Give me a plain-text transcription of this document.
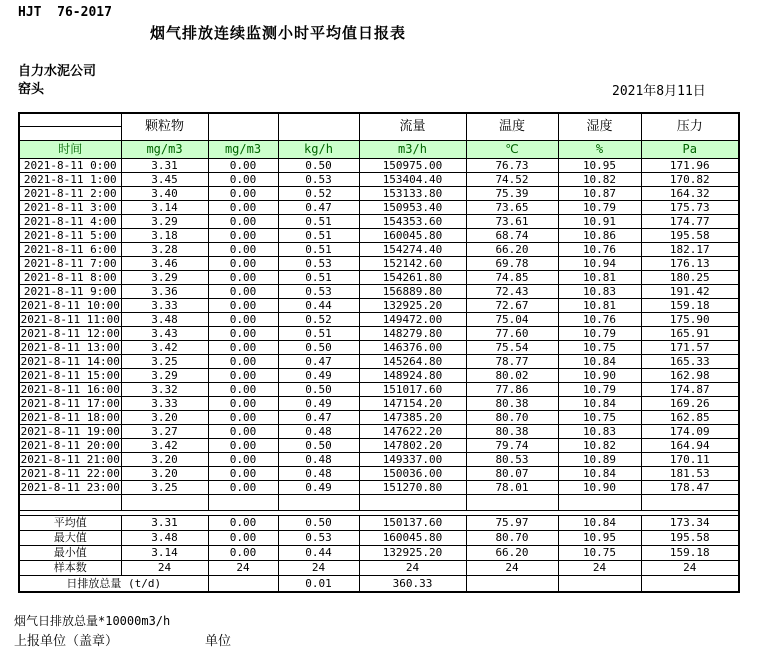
HJT  76-2017
烟气排放连续监测小时平均值日报表
自力水泥公司
窑头	2021年8月11日
	颗粒物			流量	温度	湿度	压力
时间	mg/m3	mg/m3	kg/h	m3/h	℃	%	Pa
2021-8-11 0:00	3.31	0.00	0.50	150975.00	76.73	10.95	171.96
2021-8-11 1:00	3.45	0.00	0.53	153404.40	74.52	10.82	170.82
2021-8-11 2:00	3.40	0.00	0.52	153133.80	75.39	10.87	164.32
2021-8-11 3:00	3.14	0.00	0.47	150953.40	73.65	10.79	175.73
2021-8-11 4:00	3.29	0.00	0.51	154353.60	73.61	10.91	174.77
2021-8-11 5:00	3.18	0.00	0.51	160045.80	68.74	10.86	195.58
2021-8-11 6:00	3.28	0.00	0.51	154274.40	66.20	10.76	182.17
2021-8-11 7:00	3.46	0.00	0.53	152142.60	69.78	10.94	176.13
2021-8-11 8:00	3.29	0.00	0.51	154261.80	74.85	10.81	180.25
2021-8-11 9:00	3.36	0.00	0.53	156889.80	72.43	10.83	191.42
2021-8-11 10:00	3.33	0.00	0.44	132925.20	72.67	10.81	159.18
2021-8-11 11:00	3.48	0.00	0.52	149472.00	75.04	10.76	175.90
2021-8-11 12:00	3.43	0.00	0.51	148279.80	77.60	10.79	165.91
2021-8-11 13:00	3.42	0.00	0.50	146376.00	75.54	10.75	171.57
2021-8-11 14:00	3.25	0.00	0.47	145264.80	78.77	10.84	165.33
2021-8-11 15:00	3.29	0.00	0.49	148924.80	80.02	10.90	162.98
2021-8-11 16:00	3.32	0.00	0.50	151017.60	77.86	10.79	174.87
2021-8-11 17:00	3.33	0.00	0.49	147154.20	80.38	10.84	169.26
2021-8-11 18:00	3.20	0.00	0.47	147385.20	80.70	10.75	162.85
2021-8-11 19:00	3.27	0.00	0.48	147622.20	80.38	10.83	174.09
2021-8-11 20:00	3.42	0.00	0.50	147802.20	79.74	10.82	164.94
2021-8-11 21:00	3.20	0.00	0.48	149337.00	80.53	10.89	170.11
2021-8-11 22:00	3.20	0.00	0.48	150036.00	80.07	10.84	181.53
2021-8-11 23:00	3.25	0.00	0.49	151270.80	78.01	10.90	178.47

平均值	3.31	0.00	0.50	150137.60	75.97	10.84	173.34
最大值	3.48	0.00	0.53	160045.80	80.70	10.95	195.58
最小值	3.14	0.00	0.44	132925.20	66.20	10.75	159.18
样本数	24	24	24	24	24	24	24
日排放总量 (t/d)			0.01	360.33			
烟气日排放总量*10000m3/h
上报单位（盖章）	单位
